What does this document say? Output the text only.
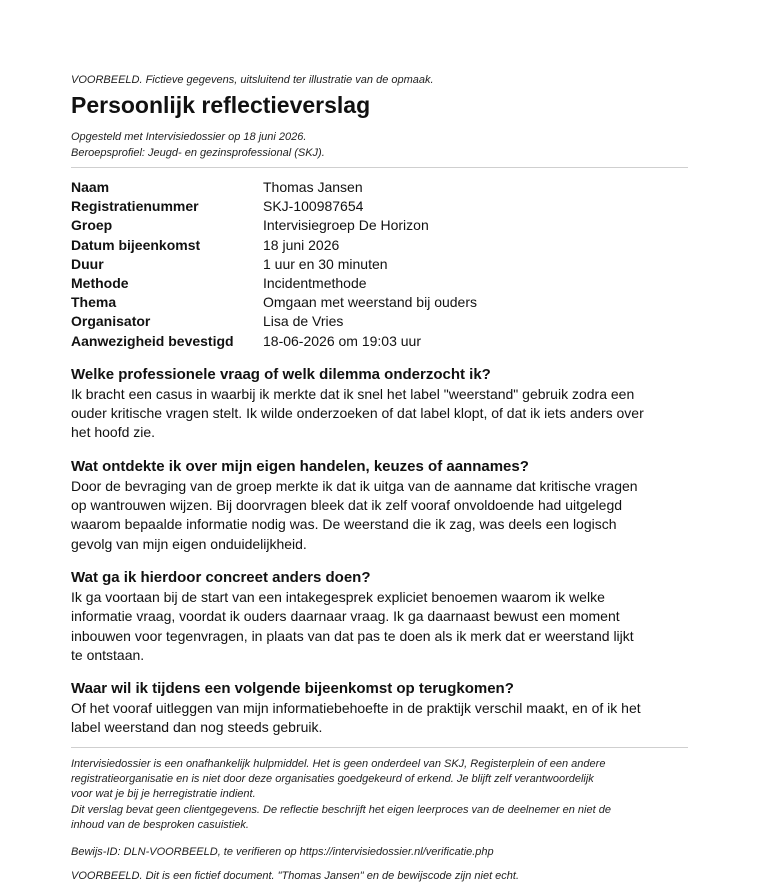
VOORBEELD. Fictieve gegevens, uitsluitend ter illustratie van de opmaak.
Persoonlijk reflectieverslag
Opgesteld met Intervisiedossier op 18 juni 2026.
Beroepsprofiel: Jeugd- en gezinsprofessional (SKJ).
Naam	Thomas Jansen
Registratienummer	SKJ-100987654
Groep	Intervisiegroep De Horizon
Datum bijeenkomst	18 juni 2026
Duur	1 uur en 30 minuten
Methode	Incidentmethode
Thema	Omgaan met weerstand bij ouders
Organisator	Lisa de Vries
Aanwezigheid bevestigd	18-06-2026 om 19:03 uur
Welke professionele vraag of welk dilemma onderzocht ik?

Ik bracht een casus in waarbij ik merkte dat ik snel het label "weerstand" gebruik zodra een ouder kritische vragen stelt. Ik wilde onderzoeken of dat label klopt, of dat ik iets anders over het hoofd zie.

Wat ontdekte ik over mijn eigen handelen, keuzes of aannames?

Door de bevraging van de groep merkte ik dat ik uitga van de aanname dat kritische vragen op wantrouwen wijzen. Bij doorvragen bleek dat ik zelf vooraf onvoldoende had uitgelegd waarom bepaalde informatie nodig was. De weerstand die ik zag, was deels een logisch gevolg van mijn eigen onduidelijkheid.

Wat ga ik hierdoor concreet anders doen?

Ik ga voortaan bij de start van een intakegesprek expliciet benoemen waarom ik welke informatie vraag, voordat ik ouders daarnaar vraag. Ik ga daarnaast bewust een moment inbouwen voor tegenvragen, in plaats van dat pas te doen als ik merk dat er weerstand lijkt te ontstaan.

Waar wil ik tijdens een volgende bijeenkomst op terugkomen?

Of het vooraf uitleggen van mijn informatiebehoefte in de praktijk verschil maakt, en of ik het label weerstand dan nog steeds gebruik.

Intervisiedossier is een onafhankelijk hulpmiddel. Het is geen onderdeel van SKJ, Registerplein of een andere registratieorganisatie en is niet door deze organisaties goedgekeurd of erkend. Je blijft zelf verantwoordelijk voor wat je bij je herregistratie indient.
Dit verslag bevat geen clientgegevens. De reflectie beschrijft het eigen leerproces van de deelnemer en niet de inhoud van de besproken casuistiek.
Bewijs-ID: DLN-VOORBEELD, te verifieren op https://intervisiedossier.nl/verificatie.php
VOORBEELD. Dit is een fictief document. "Thomas Jansen" en de bewijscode zijn niet echt.
